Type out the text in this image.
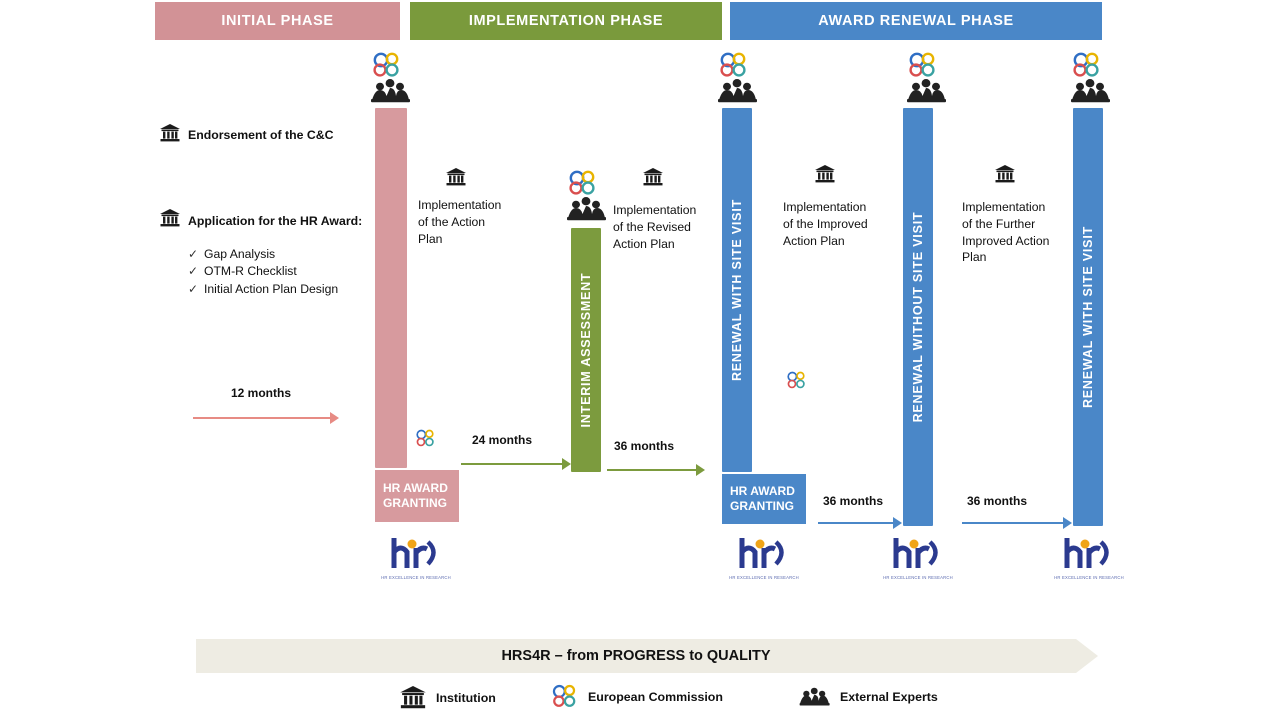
INITIAL PHASE	IMPLEMENTATION PHASE	AWARD RENEWAL PHASE
Endorsement of the C&C
Application for the HR Award:
✓ Gap Analysis
✓ OTM-R Checklist
✓ Initial Action Plan Design
12 months
HR AWARD
GRANTING
HR EXCELLENCE IN RESEARCH
Implementation
of the Action
Plan
INTERIM ASSESSMENT
24 months
Implementation
of the Revised
Action Plan
36 months
RENEWAL WITH SITE VISIT
HR AWARD
GRANTING
HR EXCELLENCE IN RESEARCH
Implementation
of the Improved
Action Plan
36 months
RENEWAL WITHOUT SITE VISIT
HR EXCELLENCE IN RESEARCH
Implementation
of the Further
Improved Action
Plan
36 months
RENEWAL WITH SITE VISIT
HR EXCELLENCE IN RESEARCH
HRS4R – from PROGRESS to QUALITY
Institution	European Commission	External Experts
